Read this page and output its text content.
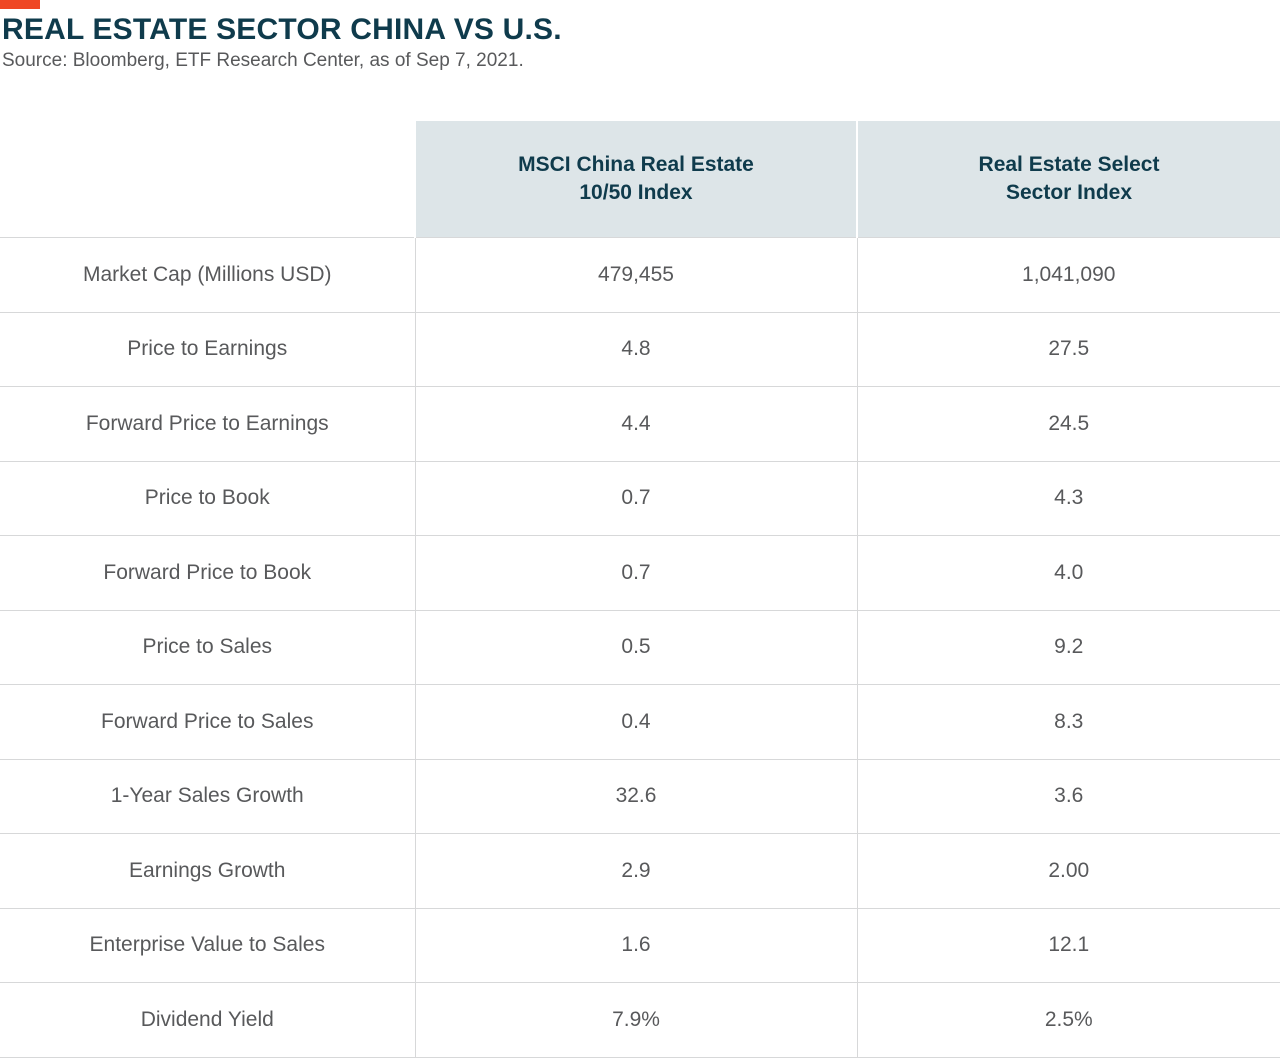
REAL ESTATE SECTOR CHINA VS U.S.
Source: Bloomberg, ETF Research Center, as of Sep 7, 2021.

MSCI China Real Estate
10/50 Index

Real Estate Select
Sector Index

Market Cap (Millions USD)	479,455	1,041,090
Price to Earnings	4.8	27.5
Forward Price to Earnings	4.4	24.5
Price to Book	0.7	4.3
Forward Price to Book	0.7	4.0
Price to Sales	0.5	9.2
Forward Price to Sales	0.4	8.3
1-Year Sales Growth	32.6	3.6
Earnings Growth	2.9	2.00
Enterprise Value to Sales	1.6	12.1
Dividend Yield	7.9%	2.5%
